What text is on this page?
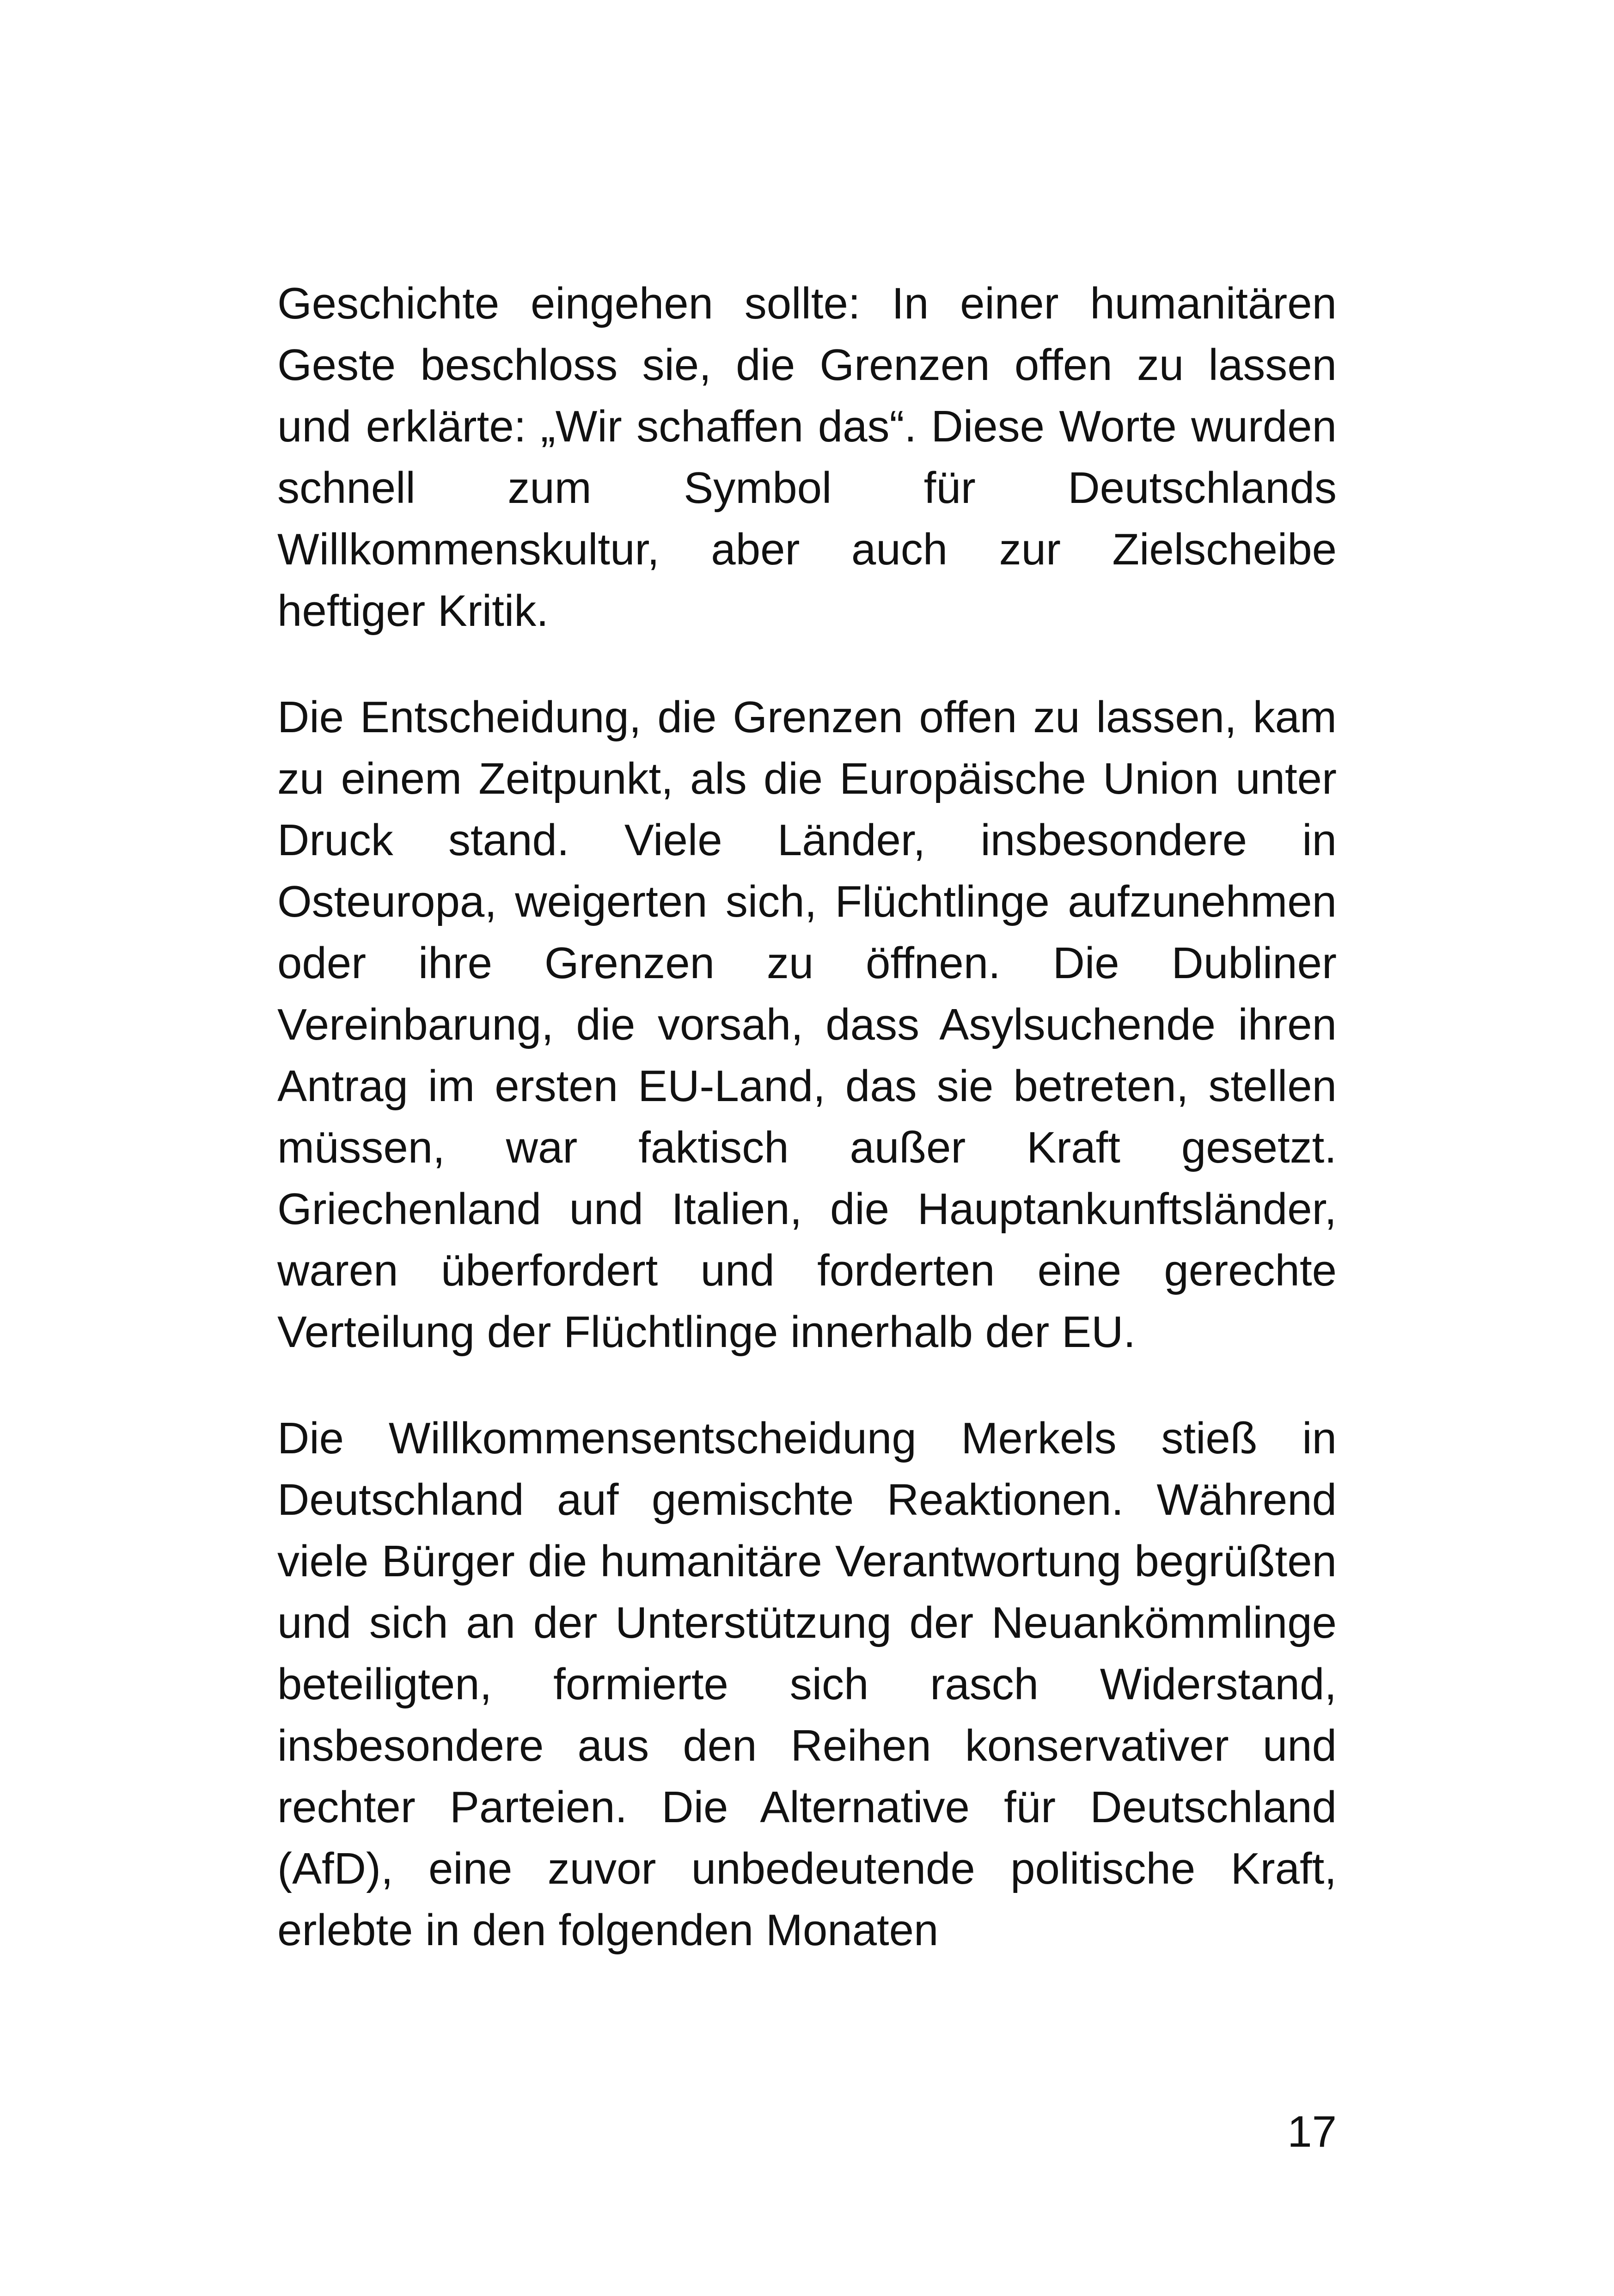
Geschichte eingehen sollte: In einer humanitären Geste beschloss sie, die Grenzen offen zu lassen und erklärte: „Wir schaffen das“. Diese Worte wurden schnell zum Symbol für Deutschlands Willkommenskultur, aber auch zur Zielscheibe heftiger Kritik.

Die Entscheidung, die Grenzen offen zu lassen, kam zu einem Zeitpunkt, als die Europäische Union unter Druck stand. Viele Länder, insbesondere in Osteuropa, weigerten sich, Flüchtlinge aufzunehmen oder ihre Grenzen zu öffnen. Die Dubliner Vereinbarung, die vorsah, dass Asylsuchende ihren Antrag im ersten EU-Land, das sie betreten, stellen müssen, war faktisch außer Kraft gesetzt. Griechenland und Italien, die Hauptankunftsländer, waren überfordert und forderten eine gerechte Verteilung der Flüchtlinge innerhalb der EU.

Die Willkommensentscheidung Merkels stieß in Deutschland auf gemischte Reaktionen. Während viele Bürger die humanitäre Verantwortung begrüßten und sich an der Unterstützung der Neuankömmlinge beteiligten, formierte sich rasch Widerstand, insbesondere aus den Reihen konservativer und rechter Parteien. Die Alternative für Deutschland (AfD), eine zuvor unbedeutende politische Kraft, erlebte in den folgenden Monaten

17
